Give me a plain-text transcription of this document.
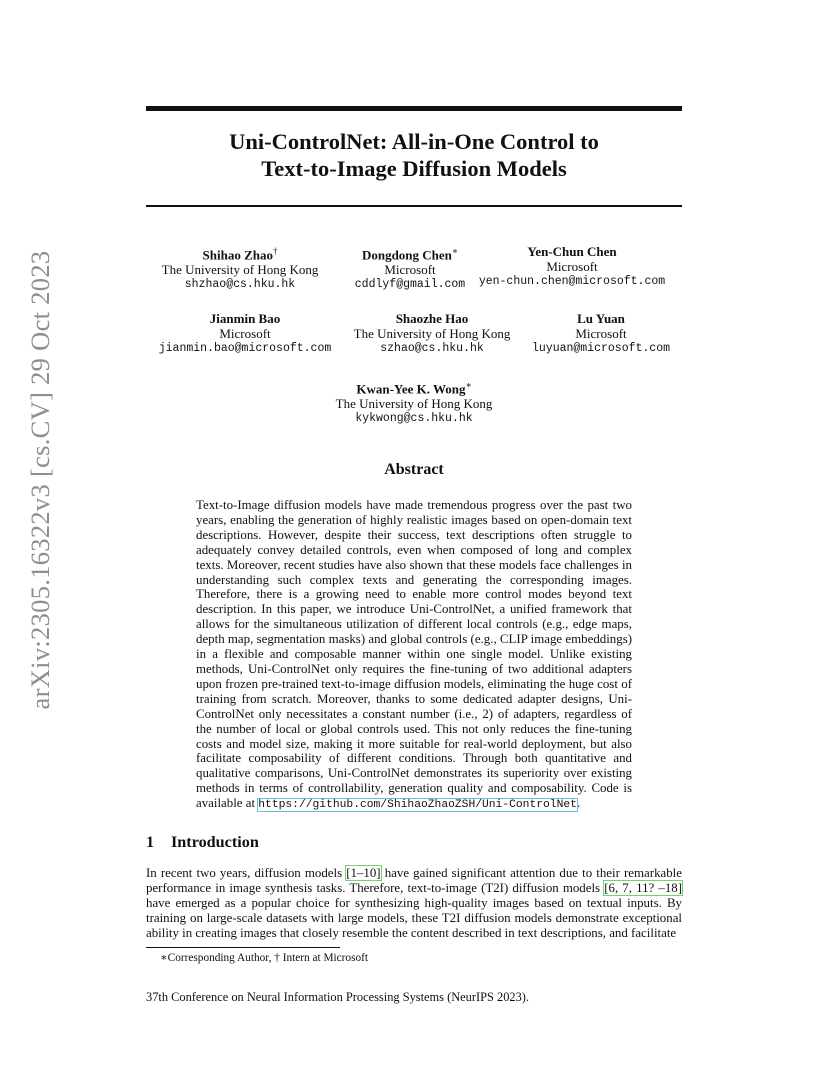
arXiv:2305.16322v3 [cs.CV] 29 Oct 2023
Uni-ControlNet: All-in-One Control to
Text-to-Image Diffusion Models
Shihao Zhao†
The University of Hong Kong
shzhao@cs.hku.hk
Dongdong Chen∗
Microsoft
cddlyf@gmail.com
Yen-Chun Chen
Microsoft
yen-chun.chen@microsoft.com
Jianmin Bao
Microsoft
jianmin.bao@microsoft.com
Shaozhe Hao
The University of Hong Kong
szhao@cs.hku.hk
Lu Yuan
Microsoft
luyuan@microsoft.com
Kwan-Yee K. Wong∗
The University of Hong Kong
kykwong@cs.hku.hk
Abstract
Text-to-Image diffusion models have made tremendous progress over the past two years, enabling the generation of highly realistic images based on open-domain text descriptions. However, despite their success, text descriptions often struggle to adequately convey detailed controls, even when composed of long and complex texts. Moreover, recent studies have also shown that these models face challenges in understanding such complex texts and generating the corresponding images. Therefore, there is a growing need to enable more control modes beyond text description. In this paper, we introduce Uni-ControlNet, a unified framework that allows for the simultaneous utilization of different local controls (e.g., edge maps, depth map, segmentation masks) and global controls (e.g., CLIP image embeddings) in a flexible and composable manner within one single model. Unlike existing methods, Uni-ControlNet only requires the fine-tuning of two additional adapters upon frozen pre-trained text-to-image diffusion models, eliminating the huge cost of training from scratch. Moreover, thanks to some dedicated adapter designs, Uni-ControlNet only necessitates a constant number (i.e., 2) of adapters, regardless of the number of local or global controls used. This not only reduces the fine-tuning costs and model size, making it more suitable for real-world deployment, but also facilitate composability of different conditions. Through both quantitative and qualitative comparisons, Uni-ControlNet demonstrates its superiority over existing methods in terms of controllability, generation quality and composability. Code is available at https://github.com/ShihaoZhaoZSH/Uni-ControlNet.
1 Introduction
In recent two years, diffusion models [1–10] have gained significant attention due to their remarkable performance in image synthesis tasks. Therefore, text-to-image (T2I) diffusion models [6, 7, 11? –18] have emerged as a popular choice for synthesizing high-quality images based on textual inputs. By training on large-scale datasets with large models, these T2I diffusion models demonstrate exceptional ability in creating images that closely resemble the content described in text descriptions, and facilitate
∗Corresponding Author, † Intern at Microsoft
37th Conference on Neural Information Processing Systems (NeurIPS 2023).
